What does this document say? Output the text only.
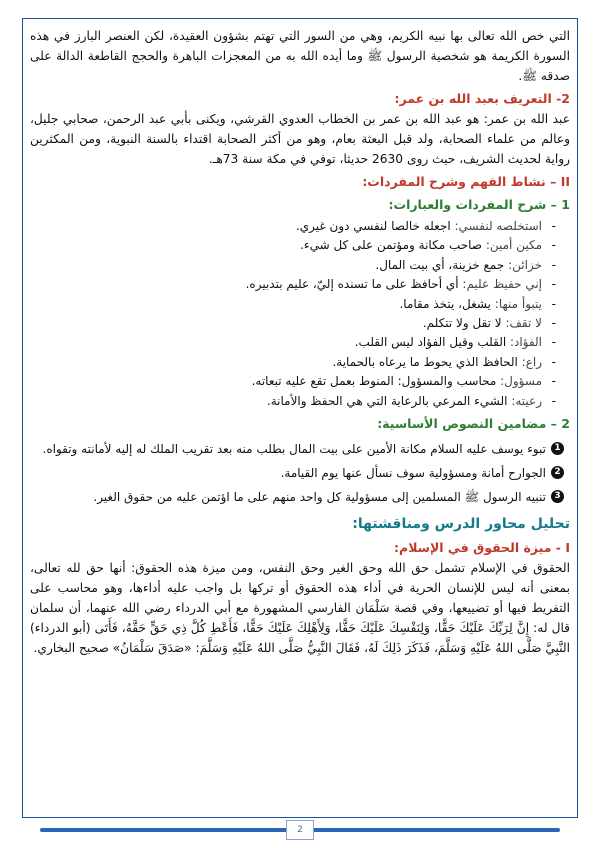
التي خص الله تعالى بها نبيه الكريم، وهي من السور التي تهتم بشؤون العقيدة، لكن العنصر البارز في هذه السورة الكريمة هو شخصية الرسول ﷺ وما أيده الله به من المعجزات الباهرة والحجج القاطعة الدالة على صدقه ﷺ.

2- التعريف بعبد الله بن عمر:

عبد الله بن عمر: هو عبد الله بن عمر بن الخطاب العدوي القرشي، ويكنى بأبي عبد الرحمن، صحابي جليل، وعالم من علماء الصحابة، ولد قبل البعثة بعام، وهو من أكثر الصحابة اقتداء بالسنة النبوية، ومن المكثرين رواية لحديث الشريف، حيث روى 2630 حديثا، توفي في مكة سنة 73هـ.

II – نشاط الفهم وشرح المفردات:

1 – شرح المفردات والعبارات:

- استخلصه لنفسي: اجعله خالصا لنفسي دون غيري.
- مكين أمين: صاحب مكانة ومؤتمن على كل شيء.
- خزائن: جمع خزينة، أي بيت المال.
- إني حفيظ عليم: أي أحافظ على ما تسنده إليّ، عليم بتدبيره.
- يتبوأ منها: يشغل، يتخذ مقاما.
- لا تقف: لا تقل ولا تتكلم.
- الفؤاد: القلب وقيل الفؤاد ليس القلب.
- راع: الحافظ الذي يحوط ما يرعاه بالحماية.
- مسؤول: محاسب والمسؤول: المنوط بعمل تقع عليه تبعاته.
- رعيته: الشيء المرعي بالرعاية التي هي الحفظ والأمانة.

2 – مضامين النصوص الأساسية:

1
تبوء يوسف عليه السلام مكانة الأمين على بيت المال بطلب منه بعد تقريب الملك له إليه لأمانته وتقواه.
2
الجوارح أمانة ومسؤولية سوف نسأل عنها يوم القيامة.
3
تنبيه الرسول ﷺ المسلمين إلى مسؤولية كل واحد منهم على ما اؤتمن عليه من حقوق الغير.

تحليل محاور الدرس ومناقشتها:

I - ميزة الحقوق في الإسلام:

الحقوق في الإسلام تشمل حق الله وحق الغير وحق النفس، ومن ميزة هذه الحقوق: أنها حق لله تعالى، بمعنى أنه ليس للإنسان الحرية في أداء هذه الحقوق أو تركها بل واجب عليه أداءها، وهو محاسب على التفريط فيها أو تضييعها، وفي قصة سَلْمَان الفارسي المشهورة مع أبي الدرداء رضي الله عنهما، أن سلمان قال له: إِنَّ لِرَبِّكَ عَلَيْكَ حَقًّا، وَلِنَفْسِكَ عَلَيْكَ حَقًّا، وَلِأَهْلِكَ عَلَيْكَ حَقًّا، فَأَعْطِ كُلَّ ذِي حَقٍّ حَقَّهُ، فَأَتَى (أبو الدرداء) النَّبِيَّ صَلَّى اللهُ عَلَيْهِ وَسَلَّمَ، فَذَكَرَ ذَلِكَ لَهُ، فَقَالَ النَّبِيُّ صَلَّى اللهُ عَلَيْهِ وَسَلَّمَ: «صَدَقَ سَلْمَانُ» صحيح البخاري.

2
